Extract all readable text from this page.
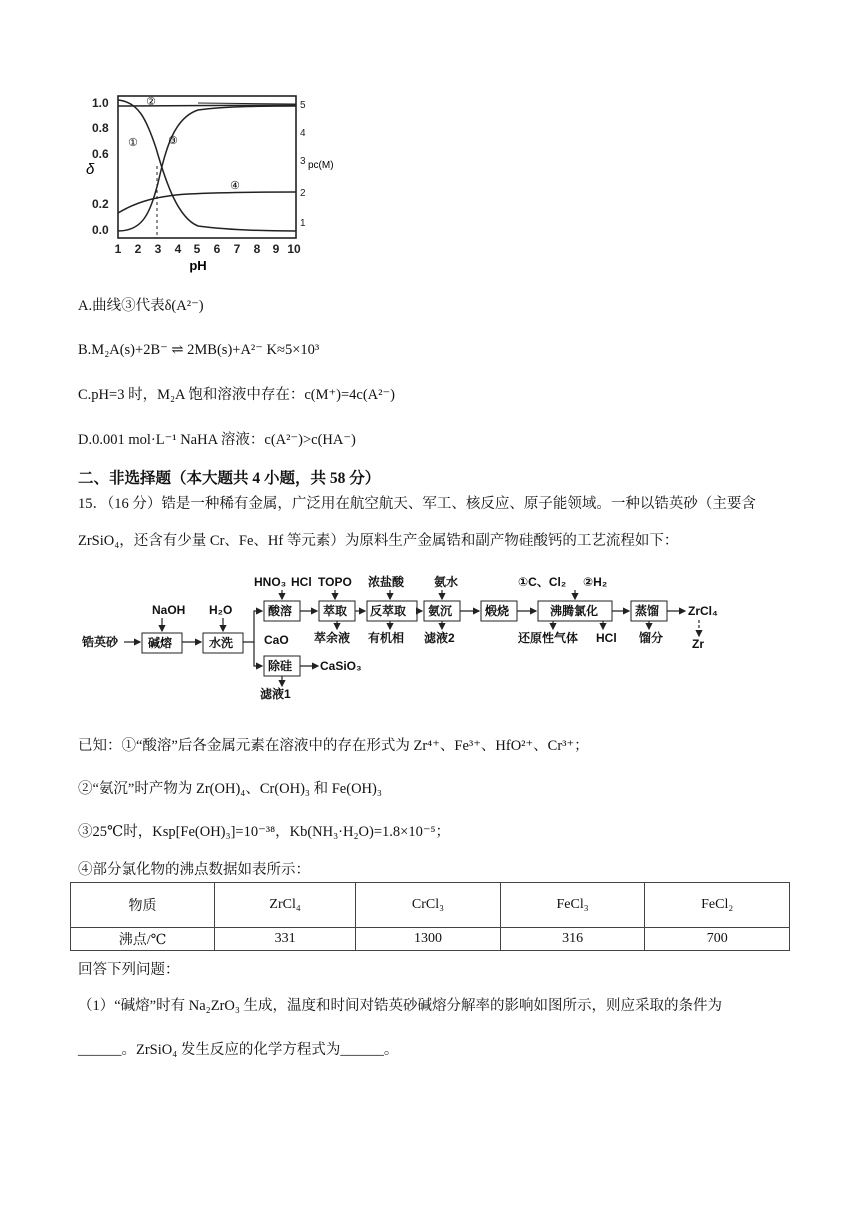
δ
1.0
0.8
0.6
0.2
0.0
5
4
3
2
1
pc(M)
1 2 3 4 5 6 7 8 9 10
pH
②
①	③
④
A.曲线③代表δ(A²⁻)
B.M₂A(s)+2B⁻ ⇌ 2MB(s)+A²⁻ K≈5×10³
C.pH=3 时，M₂A 饱和溶液中存在：c(M⁺)=4c(A²⁻)
D.0.001 mol·L⁻¹ NaHA 溶液：c(A²⁻)>c(HA⁻)
二、非选择题（本大题共 4 小题，共 58 分）
15．（16 分）锆是一种稀有金属，广泛用在航空航天、军工、核反应、原子能领域。一种以锆英砂（主要含
ZrSiO₄，还含有少量 Cr、Fe、Hf 等元素）为原料生产金属锆和副产物硅酸钙的工艺流程如下：
锆英砂 碱熔	水洗
酸溶	萃取 反萃取 氨沉	煅烧	沸腾氯化	蒸馏
除硅
NaOH H₂O
HNO₃ HCl TOPO 浓盐酸 氨水	①C、Cl₂ ②H₂
CaO 萃余液 有机相 滤液2	还原性气体 HCl 馏分
CaSiO₃
滤液1
ZrCl₄
Zr
已知：①“酸溶”后各金属元素在溶液中的存在形式为 Zr⁴⁺、Fe³⁺、HfO²⁺、Cr³⁺；
②“氨沉”时产物为 Zr(OH)₄、Cr(OH)₃ 和 Fe(OH)₃
③25℃时，Ksp[Fe(OH)₃]=10⁻³⁸，Kb(NH₃·H₂O)=1.8×10⁻⁵；
④部分氯化物的沸点数据如表所示：
物质	ZrCl₄	CrCl₃	FeCl₃	FeCl₂
沸点/℃	331	1300	316	700
回答下列问题：
（1）“碱熔”时有 Na₂ZrO₃ 生成，温度和时间对锆英砂碱熔分解率的影响如图所示，则应采取的条件为
______。ZrSiO₄ 发生反应的化学方程式为______。
